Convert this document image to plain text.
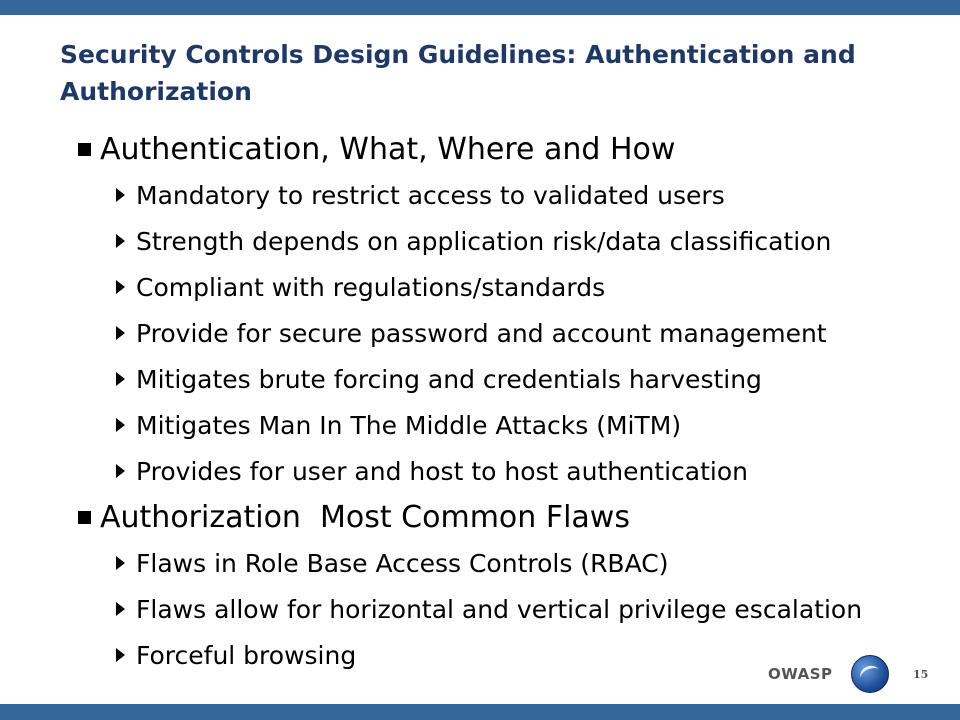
Security Controls Design Guidelines: Authentication and Authorization
Authentication, What, Where and How
Mandatory to restrict access to validated users
Strength depends on application risk/data classification
Compliant with regulations/standards
Provide for secure password and account management
Mitigates brute forcing and credentials harvesting
Mitigates Man In The Middle Attacks (MiTM)
Provides for user and host to host authentication
Authorization  Most Common Flaws
Flaws in Role Base Access Controls (RBAC)
Flaws allow for horizontal and vertical privilege escalation
Forceful browsing
OWASP	15
